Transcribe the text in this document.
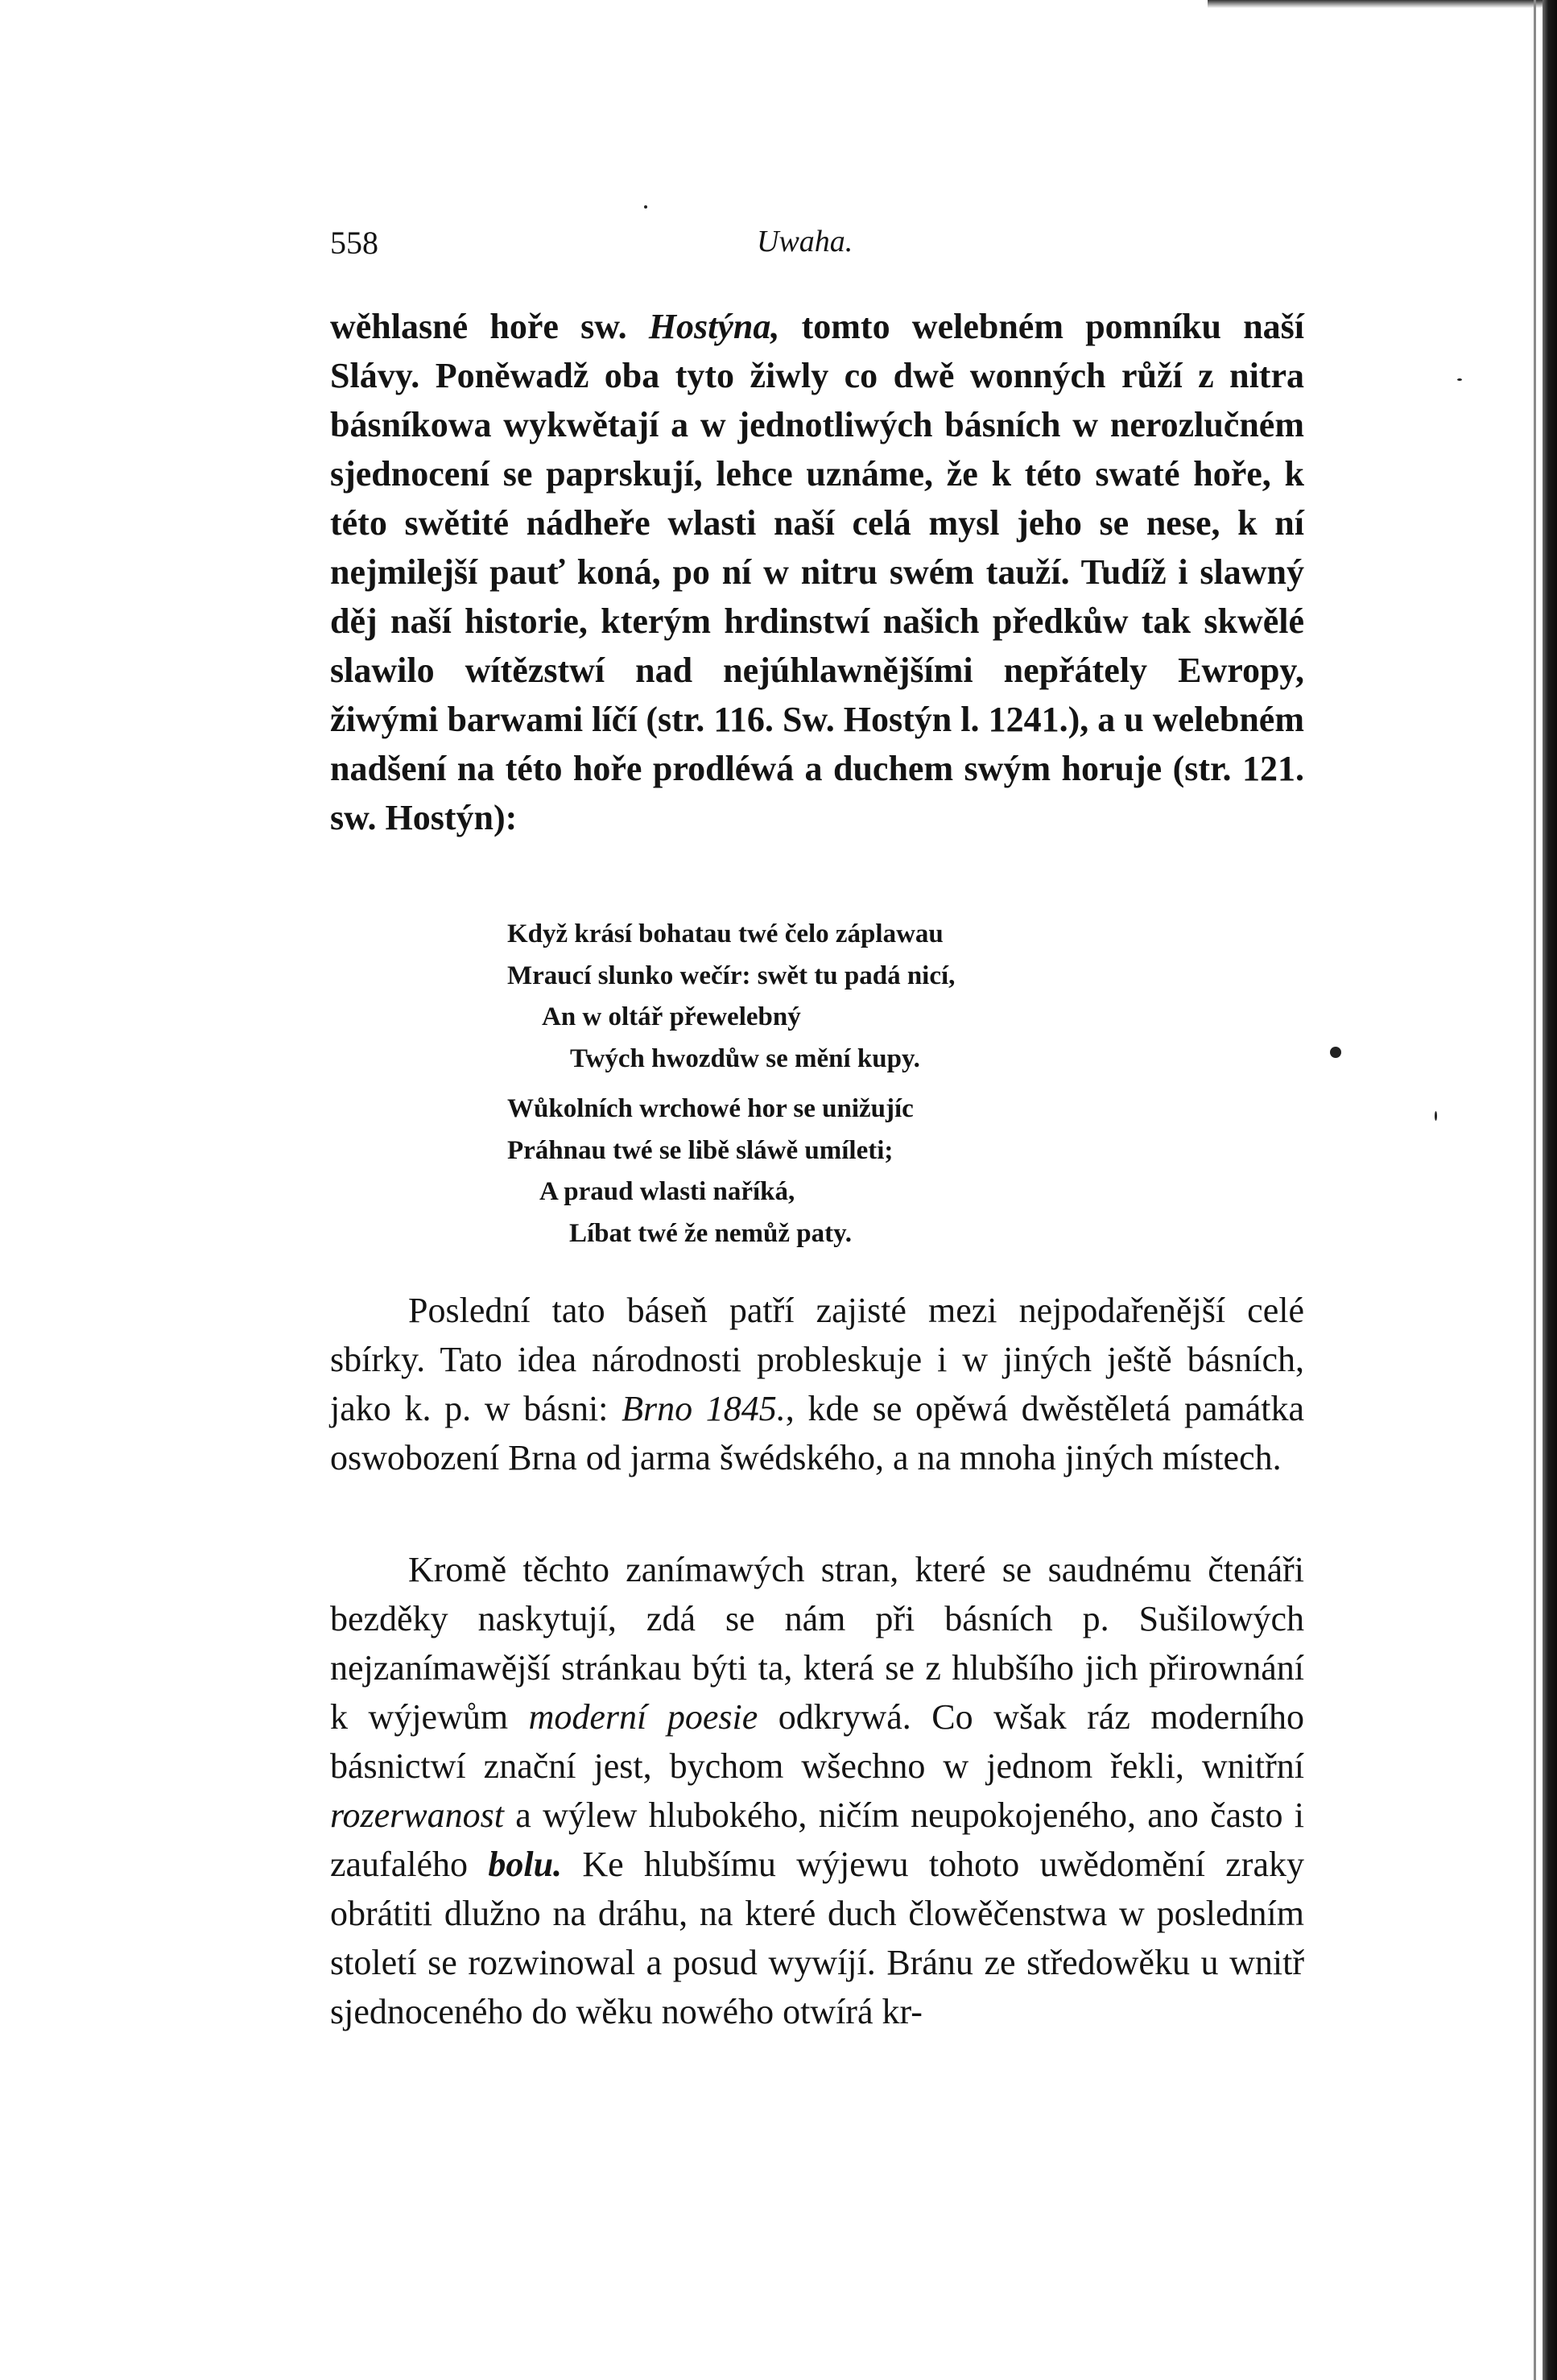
558	Uwaha.

wěhlasné hoře sw. Hostýna, tomto welebném pomníku naší Slávy. Poněwadž oba tyto žiwly co dwě wonných růží z nitra básníkowa wykwětají a w jednotliwých básních w nerozlučném sjednocení se paprskují, lehce uznáme, že k této swaté hoře, k této swětité nádheře wlasti naší celá mysl jeho se nese, k ní nejmilejší pauť koná, po ní w nitru swém tauží. Tudíž i slawný děj naší historie, kterým hrdinstwí našich předkůw tak skwělé slawilo wítězstwí nad nejúhlawnějšími nepřátely Ewropy, žiwými barwami líčí (str. 116. Sw. Hostýn l. 1241.), a u welebném nadšení na této hoře prodléwá a duchem swým horuje (str. 121. sw. Hostýn):

Když krásí bohatau twé čelo záplawau
Mraucí slunko wečír: swět tu padá nicí,
An w oltář přewelebný
Twých hwozdůw se mění kupy.
Wůkolních wrchowé hor se unižujíc
Práhnau twé se libě sláwě umíleti;
A praud wlasti naříká,
Líbat twé že nemůž paty.

Poslední tato báseň patří zajisté mezi nejpodařenější celé sbírky. Tato idea národnosti probleskuje i w jiných ještě básních, jako k. p. w básni: Brno 1845., kde se opěwá dwěstěletá památka oswobození Brna od jarma šwédského, a na mnoha jiných místech.

Kromě těchto zanímawých stran, které se saudnému čtenáři bezděky naskytují, zdá se nám při básních p. Sušilowých nejzanímawější stránkau býti ta, která se z hlubšího jich přirownání k wýjewům moderní poesie odkrywá. Co wšak ráz moderního básnictwí znační jest, bychom wšechno w jednom řekli, wnitřní rozerwanost a wýlew hlubokého, ničím neupokojeného, ano často i zaufalého bolu. Ke hlubšímu wýjewu tohoto uwědomění zraky obrátiti dlužno na dráhu, na které duch člowěčenstwa w posledním století se rozwinowal a posud wywíjí. Bránu ze středowěku u wnitř sjednoceného do wěku nowého otwírá kr-
